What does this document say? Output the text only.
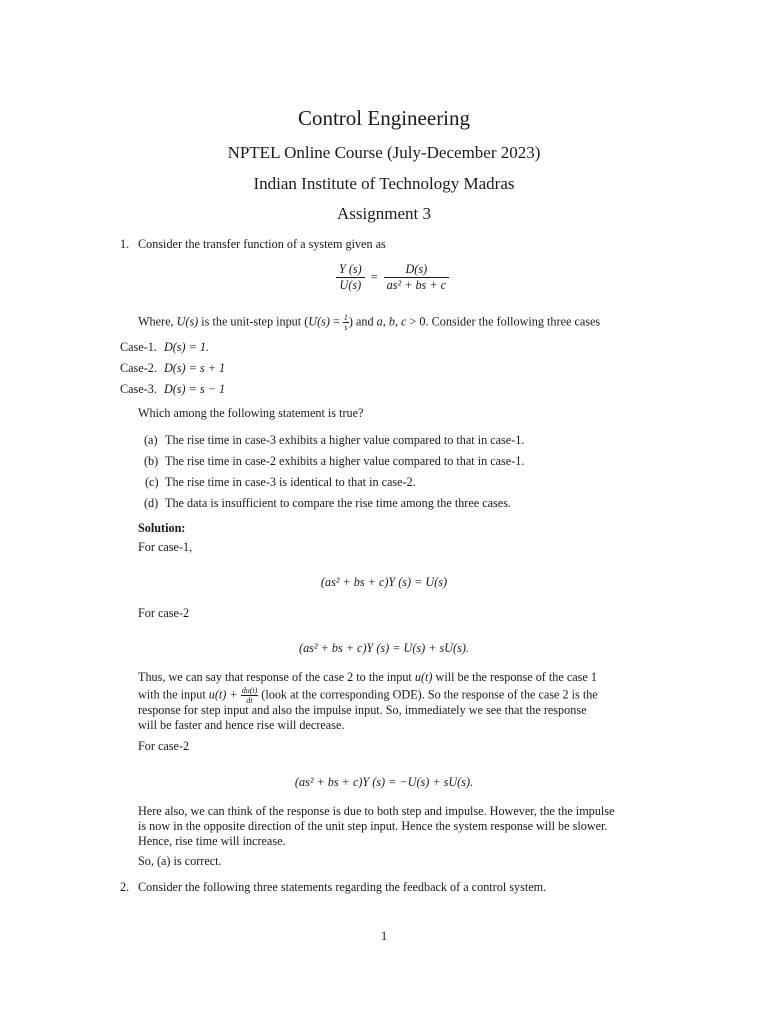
Control Engineering
NPTEL Online Course (July-December 2023)
Indian Institute of Technology Madras
Assignment 3
1. Consider the transfer function of a system given as
$\frac{Y (s)}{U(s)} = \frac{D(s)}{\text{as² + bs + c}}$
Where, U(s) is the unit-step input ($U(s) = \frac{1}{s}$ ) and a, b, c > 0. Consider the following three cases
Case-1. D(s) = 1.
Case-2. D(s) = s + 1
Case-3. D(s) = s − 1
Which among the following statement is true?
(a) The rise time in case-3 exhibits a higher value compared to that in case-1.
(b) The rise time in case-2 exhibits a higher value compared to that in case-1.
(c) The rise time in case-3 is identical to that in case-2.
(d) The data is insufficient to compare the rise time among the three cases.
Solution:
For case-1,
(as² + bs + c)Y (s) = U(s)
For case-2
(as² + bs + c)Y (s) = U(s) + sU(s).
Thus, we can say that response of the case 2 to the input u(t) will be the response of the case 1
with the input $u(t) + \frac{du(t)}{dt}$ (look at the corresponding ODE). So the response of the case 2 is the
response for step input and also the impulse input. So, immediately we see that the response
will be faster and hence rise will decrease.
For case-2
(as² + bs + c)Y (s) = −U(s) + sU(s).
Here also, we can think of the response is due to both step and impulse. However, the the impulse
is now in the opposite direction of the unit step input. Hence the system response will be slower.
Hence, rise time will increase.
So, (a) is correct.
2. Consider the following three statements regarding the feedback of a control system.
1
